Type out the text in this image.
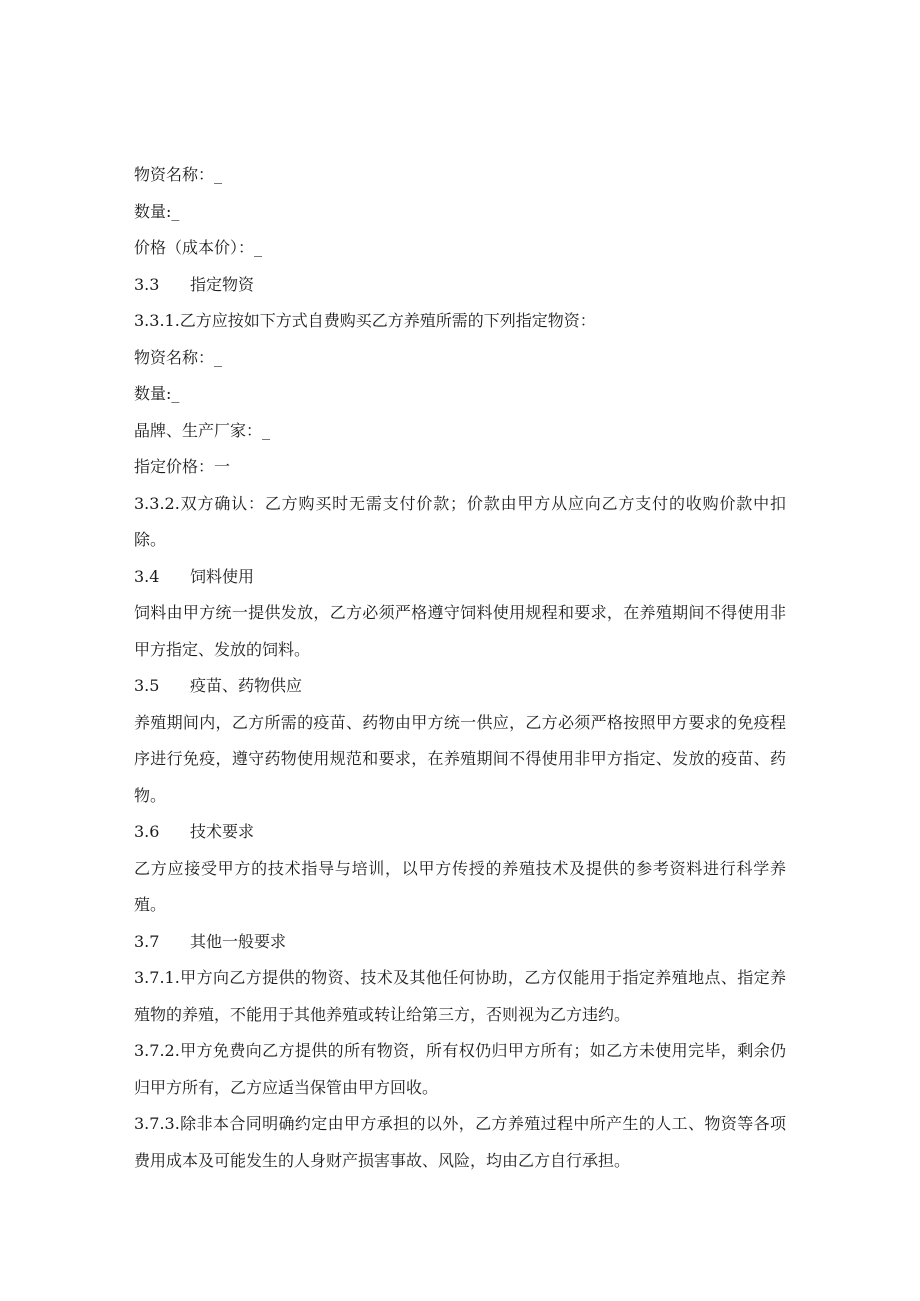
物资名称：_

数量:_

价格（成本价）：_

3.3 指定物资

3.3.1.乙方应按如下方式自费购买乙方养殖所需的下列指定物资：

物资名称：_

数量:_

晶牌、生产厂家：_

指定价格：一

3.3.2.双方确认：乙方购买时无需支付价款；价款由甲方从应向乙方支付的收购价款中扣除。

3.4 饲料使用

饲料由甲方统一提供发放，乙方必须严格遵守饲料使用规程和要求，在养殖期间不得使用非甲方指定、发放的饲料。

3.5 疫苗、药物供应

养殖期间内，乙方所需的疫苗、药物由甲方统一供应，乙方必须严格按照甲方要求的免疫程序进行免疫，遵守药物使用规范和要求，在养殖期间不得使用非甲方指定、发放的疫苗、药物。

3.6 技术要求

乙方应接受甲方的技术指导与培训，以甲方传授的养殖技术及提供的参考资料进行科学养殖。

3.7 其他一般要求

3.7.1.甲方向乙方提供的物资、技术及其他任何协助，乙方仅能用于指定养殖地点、指定养殖物的养殖，不能用于其他养殖或转让给第三方，否则视为乙方违约。

3.7.2.甲方免费向乙方提供的所有物资，所有权仍归甲方所有；如乙方未使用完毕，剩余仍归甲方所有，乙方应适当保管由甲方回收。

3.7.3.除非本合同明确约定由甲方承担的以外，乙方养殖过程中所产生的人工、物资等各项费用成本及可能发生的人身财产损害事故、风险，均由乙方自行承担。
